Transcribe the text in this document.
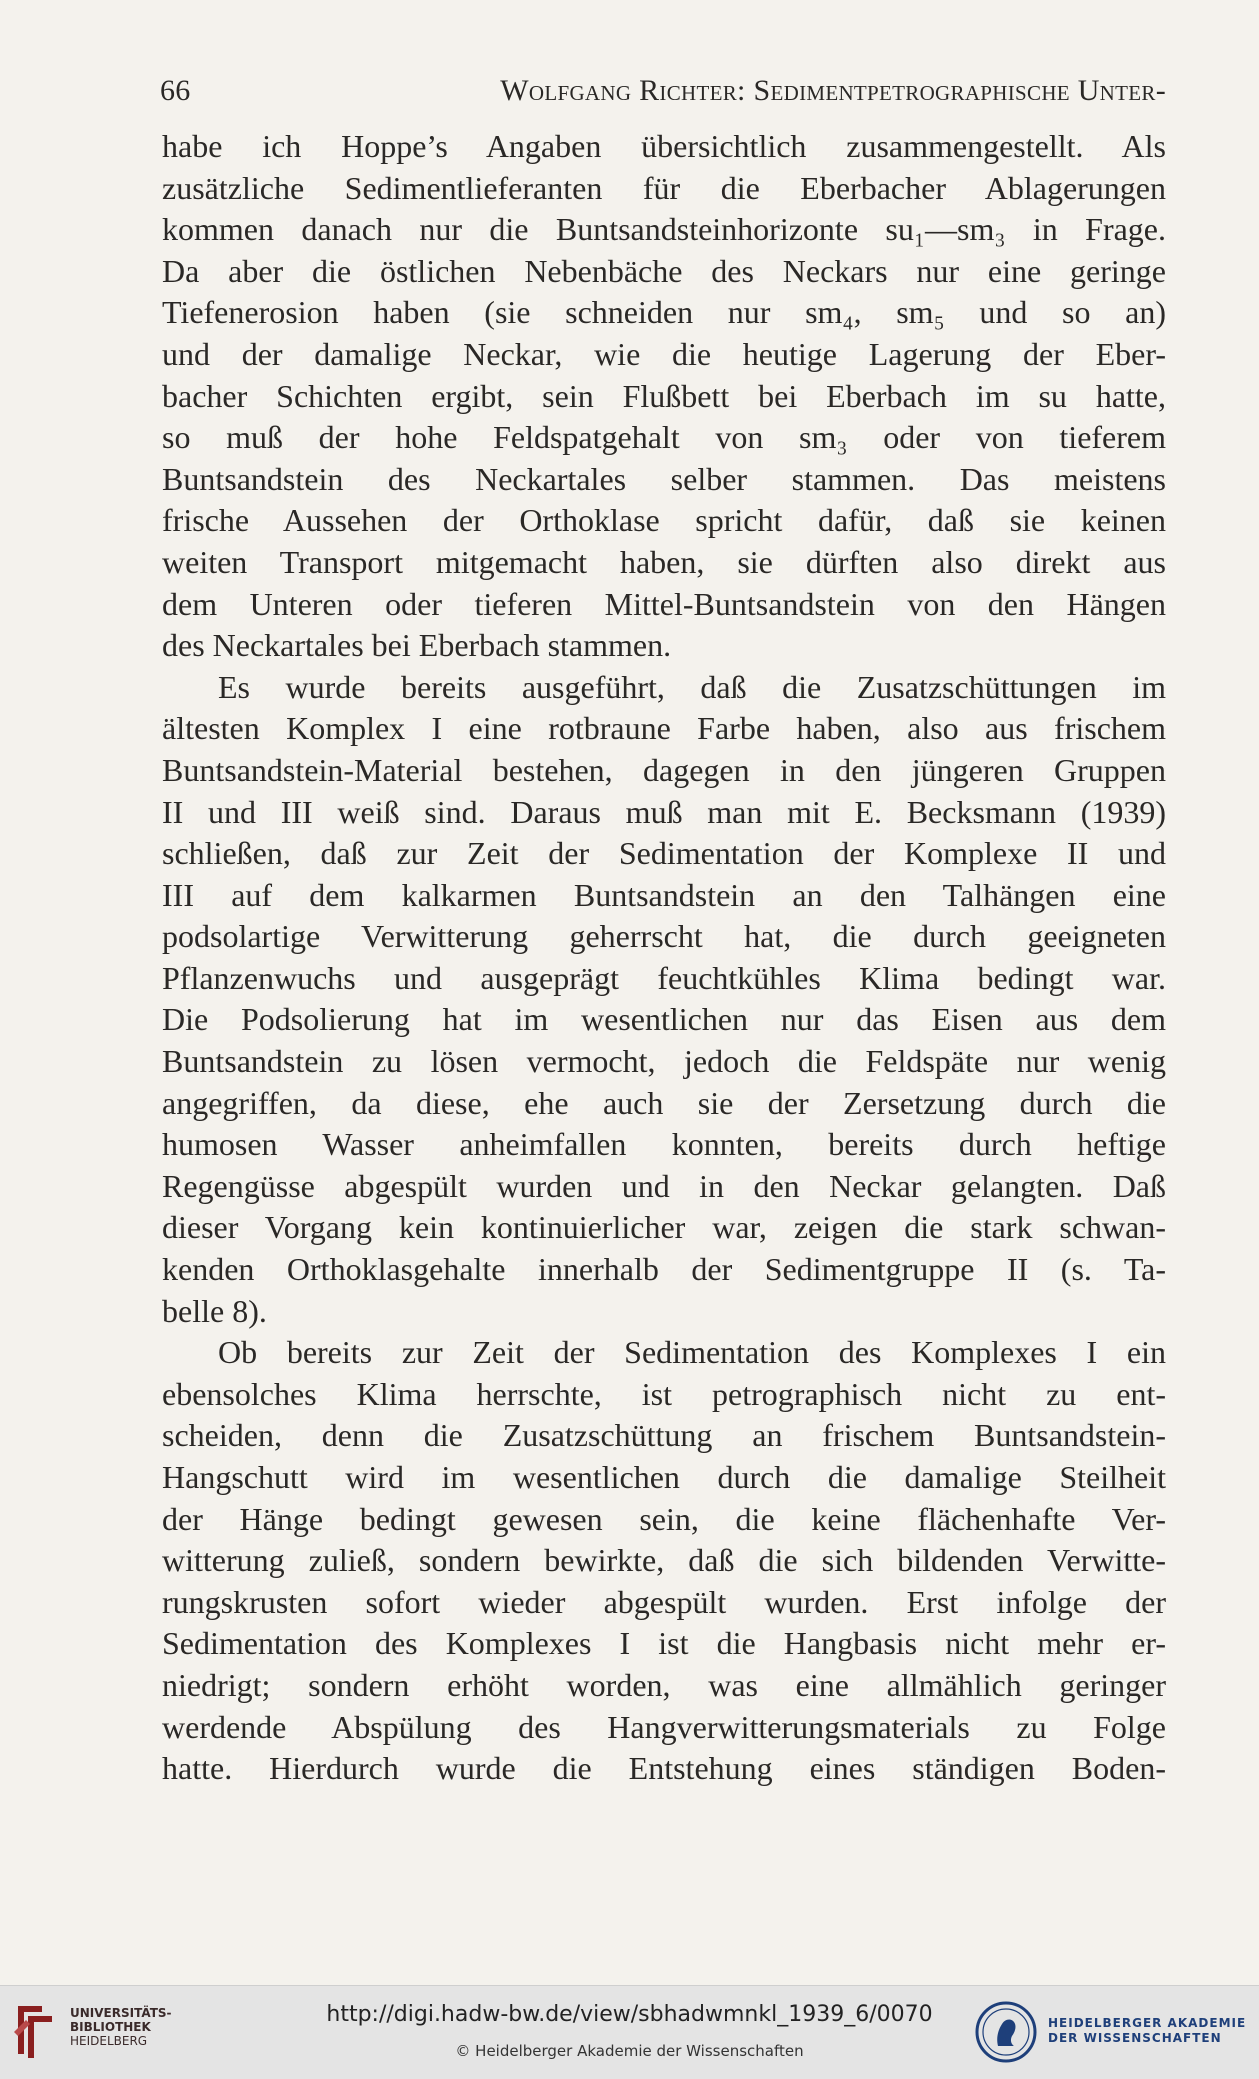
66	Wolfgang Richter: Sedimentpetrographische Unter-
habe ich Hoppe’s Angaben übersichtlich zusammengestellt. Als
zusätzliche Sedimentlieferanten für die Eberbacher Ablagerungen
kommen danach nur die Buntsandsteinhorizonte su₁—sm₃ in Frage.
Da aber die östlichen Nebenbäche des Neckars nur eine geringe
Tiefenerosion haben (sie schneiden nur sm₄, sm₅ und so an)
und der damalige Neckar, wie die heutige Lagerung der Eber-
bacher Schichten ergibt, sein Flußbett bei Eberbach im su hatte,
so muß der hohe Feldspatgehalt von sm₃ oder von tieferem
Buntsandstein des Neckartales selber stammen. Das meistens
frische Aussehen der Orthoklase spricht dafür, daß sie keinen
weiten Transport mitgemacht haben, sie dürften also direkt aus
dem Unteren oder tieferen Mittel-Buntsandstein von den Hängen
des Neckartales bei Eberbach stammen.
Es wurde bereits ausgeführt, daß die Zusatzschüttungen im
ältesten Komplex I eine rotbraune Farbe haben, also aus frischem
Buntsandstein-Material bestehen, dagegen in den jüngeren Gruppen
II und III weiß sind. Daraus muß man mit E. Becksmann (1939)
schließen, daß zur Zeit der Sedimentation der Komplexe II und
III auf dem kalkarmen Buntsandstein an den Talhängen eine
podsolartige Verwitterung geherrscht hat, die durch geeigneten
Pflanzenwuchs und ausgeprägt feuchtkühles Klima bedingt war.
Die Podsolierung hat im wesentlichen nur das Eisen aus dem
Buntsandstein zu lösen vermocht, jedoch die Feldspäte nur wenig
angegriffen, da diese, ehe auch sie der Zersetzung durch die
humosen Wasser anheimfallen konnten, bereits durch heftige
Regengüsse abgespült wurden und in den Neckar gelangten. Daß
dieser Vorgang kein kontinuierlicher war, zeigen die stark schwan-
kenden Orthoklasgehalte innerhalb der Sedimentgruppe II (s. Ta-
belle 8).
Ob bereits zur Zeit der Sedimentation des Komplexes I ein
ebensolches Klima herrschte, ist petrographisch nicht zu ent-
scheiden, denn die Zusatzschüttung an frischem Buntsandstein-
Hangschutt wird im wesentlichen durch die damalige Steilheit
der Hänge bedingt gewesen sein, die keine flächenhafte Ver-
witterung zuließ, sondern bewirkte, daß die sich bildenden Verwitte-
rungskrusten sofort wieder abgespült wurden. Erst infolge der
Sedimentation des Komplexes I ist die Hangbasis nicht mehr er-
niedrigt; sondern erhöht worden, was eine allmählich geringer
werdende Abspülung des Hangverwitterungsmaterials zu Folge
hatte. Hierdurch wurde die Entstehung eines ständigen Boden-
UNIVERSITÄTS-
BIBLIOTHEK
HEIDELBERG
http://digi.hadw-bw.de/view/sbhadwmnkl_1939_6/0070
© Heidelberger Akademie der Wissenschaften
HEIDELBERGER AKADEMIE
DER WISSENSCHAFTEN
